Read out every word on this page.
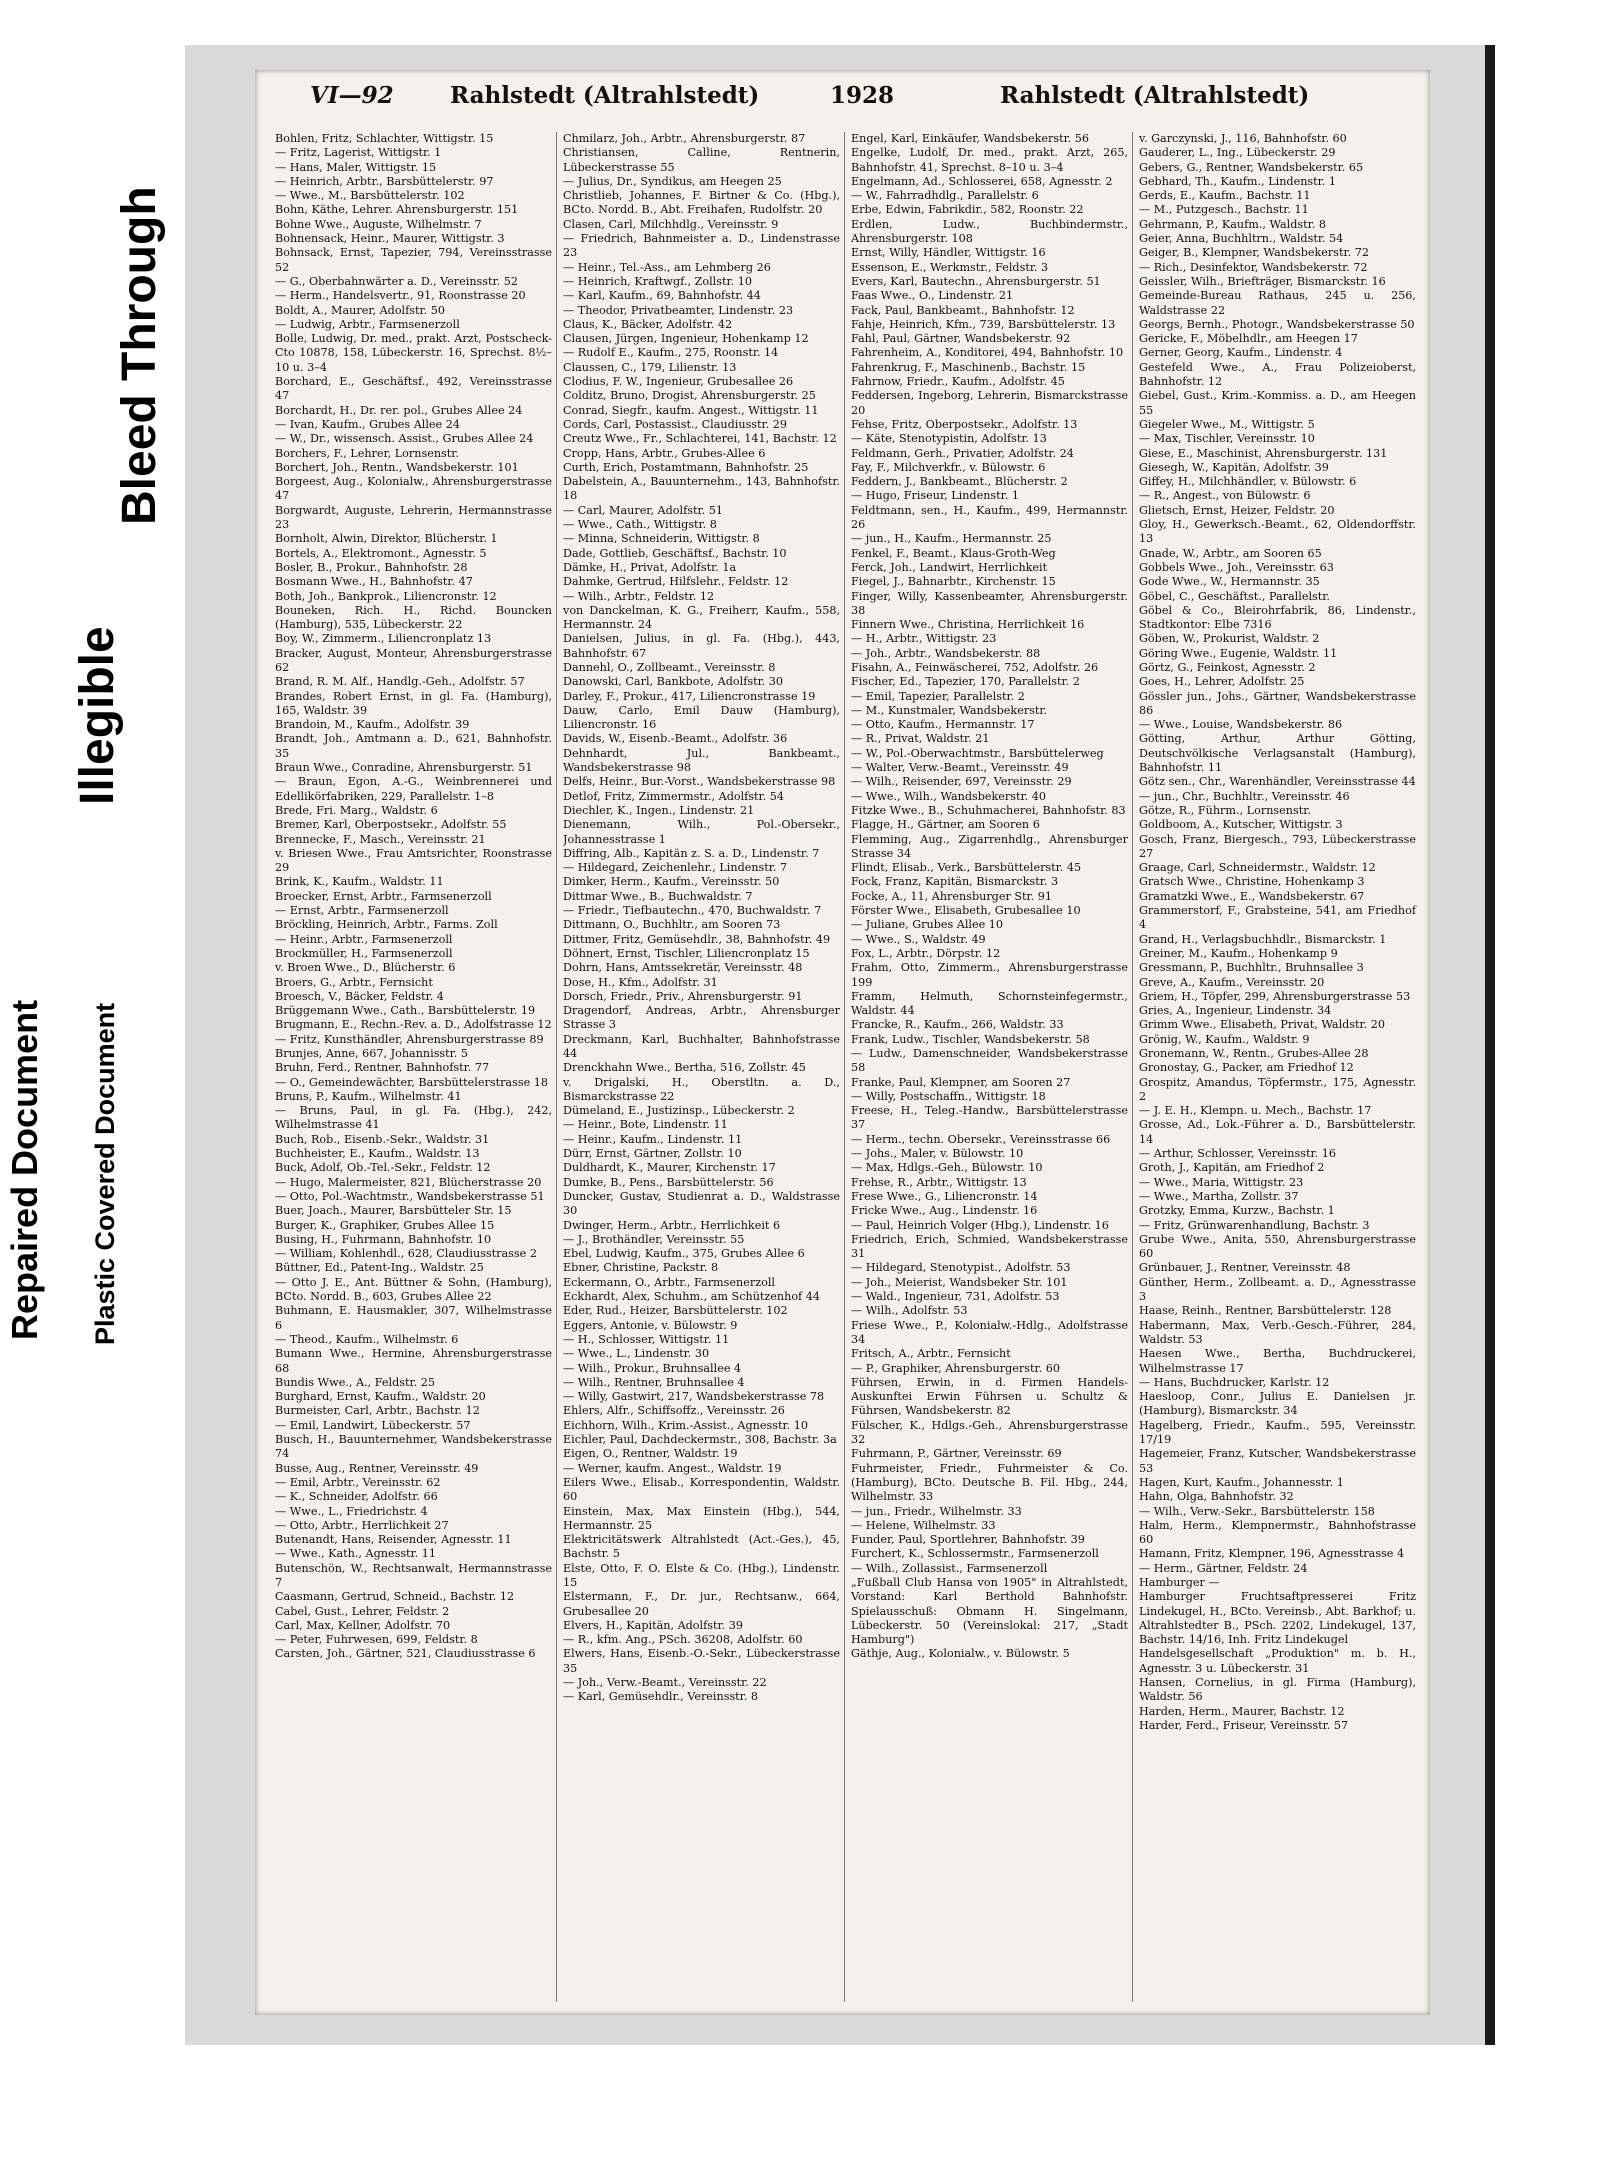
Repaired Document Plastic Covered Document
Illegible
Bleed Through
VI—92 Rahlstedt (Altrahlstedt)	1928	Rahlstedt (Altrahlstedt)

Bohlen, Fritz, Schlachter, Wittigstr. 15

— Fritz, Lagerist, Wittigstr. 1

— Hans, Maler, Wittigstr. 15

— Heinrich, Arbtr., Barsbüttelerstr. 97

— Wwe., M., Barsbüttelerstr. 102

Bohn, Käthe, Lehrer. Ahrensburgerstr. 151

Bohne Wwe., Auguste, Wilhelmstr. 7

Bohnensack, Heinr., Maurer, Wittigstr. 3

Bohnsack, Ernst, Tapezier, 794, Vereinsstrasse 52

— G., Oberbahnwärter a. D., Vereinsstr. 52

— Herm., Handelsvertr., 91, Roonstrasse 20

Boldt, A., Maurer, Adolfstr. 50

— Ludwig, Arbtr., Farmsenerzoll

Bolle, Ludwig, Dr. med., prakt. Arzt, Postscheck-Cto 10878, 158, Lübeckerstr. 16, Sprechst. 8½–10 u. 3–4

Borchard, E., Geschäftsf., 492, Vereinsstrasse 47

Borchardt, H., Dr. rer. pol., Grubes Allee 24

— Ivan, Kaufm., Grubes Allee 24

— W., Dr., wissensch. Assist., Grubes Allee 24

Borchers, F., Lehrer, Lornsenstr.

Borchert, Joh., Rentn., Wandsbekerstr. 101

Borgeest, Aug., Kolonialw., Ahrensburgerstrasse 47

Borgwardt, Auguste, Lehrerin, Hermannstrasse 23

Bornholt, Alwin, Direktor, Blücherstr. 1

Bortels, A., Elektromont., Agnesstr. 5

Bosler, B., Prokur., Bahnhofstr. 28

Bosmann Wwe., H., Bahnhofstr. 47

Both, Joh., Bankprok., Liliencronstr. 12

Bouneken, Rich. H., Richd. Bouncken (Hamburg), 535, Lübeckerstr. 22

Boy, W., Zimmerm., Liliencronplatz 13

Bracker, August, Monteur, Ahrensburgerstrasse 62

Brand, R. M. Alf., Handlg.-Geh., Adolfstr. 57

Brandes, Robert Ernst, in gl. Fa. (Hamburg), 165, Waldstr. 39

Brandoin, M., Kaufm., Adolfstr. 39

Brandt, Joh., Amtmann a. D., 621, Bahnhofstr. 35

Braun Wwe., Conradine, Ahrensburgerstr. 51

— Braun, Egon, A.-G., Weinbrennerei und Edellikörfabriken, 229, Parallelstr. 1–8

Brede, Fri. Marg., Waldstr. 6

Bremer, Karl, Oberpostsekr., Adolfstr. 55

Brennecke, F., Masch., Vereinsstr. 21

v. Briesen Wwe., Frau Amtsrichter, Roonstrasse 29

Brink, K., Kaufm., Waldstr. 11

Broecker, Ernst, Arbtr., Farmsenerzoll

— Ernst, Arbtr., Farmsenerzoll

Bröckling, Heinrich, Arbtr., Farms. Zoll

— Heinr., Arbtr., Farmsenerzoll

Brockmüller, H., Farmsenerzoll

v. Broen Wwe., D., Blücherstr. 6

Broers, G., Arbtr., Fernsicht

Broesch, V., Bäcker, Feldstr. 4

Brüggemann Wwe., Cath., Barsbüttelerstr. 19

Brugmann, E., Rechn.-Rev. a. D., Adolfstrasse 12

— Fritz, Kunsthändler, Ahrensburgerstrasse 89

Brunjes, Anne, 667, Johannisstr. 5

Bruhn, Ferd., Rentner, Bahnhofstr. 77

— O., Gemeindewächter, Barsbüttelerstrasse 18

Bruns, P., Kaufm., Wilhelmstr. 41

— Bruns, Paul, in gl. Fa. (Hbg.), 242, Wilhelmstrasse 41

Buch, Rob., Eisenb.-Sekr., Waldstr. 31

Buchheister, E., Kaufm., Waldstr. 13

Buck, Adolf, Ob.-Tel.-Sekr., Feldstr. 12

— Hugo, Malermeister, 821, Blücherstrasse 20

— Otto, Pol.-Wachtmstr., Wandsbekerstrasse 51

Buer, Joach., Maurer, Barsbütteler Str. 15

Burger, K., Graphiker, Grubes Allee 15

Busing, H., Fuhrmann, Bahnhofstr. 10

— William, Kohlenhdl., 628, Claudiusstrasse 2

Büttner, Ed., Patent-Ing., Waldstr. 25

— Otto J. E., Ant. Büttner & Sohn, (Hamburg), BCto. Nordd. B., 603, Grubes Allee 22

Buhmann, E. Hausmakler, 307, Wilhelmstrasse 6

— Theod., Kaufm., Wilhelmstr. 6

Bumann Wwe., Hermine, Ahrensburgerstrasse 68

Bundis Wwe., A., Feldstr. 25

Burghard, Ernst, Kaufm., Waldstr. 20

Burmeister, Carl, Arbtr., Bachstr. 12

— Emil, Landwirt, Lübeckerstr. 57

Busch, H., Bauunternehmer, Wandsbekerstrasse 74

Busse, Aug., Rentner, Vereinsstr. 49

— Emil, Arbtr., Vereinsstr. 62

— K., Schneider, Adolfstr. 66

— Wwe., L., Friedrichstr. 4

— Otto, Arbtr., Herrlichkeit 27

Butenandt, Hans, Reisender, Agnesstr. 11

— Wwe., Kath., Agnesstr. 11

Butenschön, W., Rechtsanwalt, Hermannstrasse 7

Caasmann, Gertrud, Schneid., Bachstr. 12

Cabel, Gust., Lehrer, Feldstr. 2

Carl, Max, Kellner, Adolfstr. 70

— Peter, Fuhrwesen, 699, Feldstr. 8

Carsten, Joh., Gärtner, 521, Claudiusstrasse 6

Chmilarz, Joh., Arbtr., Ahrensburgerstr. 87

Christiansen, Calline, Rentnerin, Lübeckerstrasse 55

— Julius, Dr., Syndikus, am Heegen 25

Christlieb, Johannes, F. Birtner & Co. (Hbg.), BCto. Nordd. B., Abt. Freihafen, Rudolfstr. 20

Clasen, Carl, Milchhdlg., Vereinsstr. 9

— Friedrich, Bahnmeister a. D., Lindenstrasse 23

— Heinr., Tel.-Ass., am Lehmberg 26

— Heinrich, Kraftwgf., Zollstr. 10

— Karl, Kaufm., 69, Bahnhofstr. 44

— Theodor, Privatbeamter, Lindenstr. 23

Claus, K., Bäcker, Adolfstr. 42

Clausen, Jürgen, Ingenieur, Hohenkamp 12

— Rudolf E., Kaufm., 275, Roonstr. 14

Claussen, C., 179, Lilienstr. 13

Clodius, F. W., Ingenieur, Grubesallee 26

Colditz, Bruno, Drogist, Ahrensburgerstr. 25

Conrad, Siegfr., kaufm. Angest., Wittigstr. 11

Cords, Carl, Postassist., Claudiusstr. 29

Creutz Wwe., Fr., Schlachterei, 141, Bachstr. 12

Cropp, Hans, Arbtr., Grubes-Allee 6

Curth, Erich, Postamtmann, Bahnhofstr. 25

Dabelstein, A., Bauunternehm., 143, Bahnhofstr. 18

— Carl, Maurer, Adolfstr. 51

— Wwe., Cath., Wittigstr. 8

— Minna, Schneiderin, Wittigstr. 8

Dade, Gottlieb, Geschäftsf., Bachstr. 10

Dämke, H., Privat, Adolfstr. 1a

Dahmke, Gertrud, Hilfslehr., Feldstr. 12

— Wilh., Arbtr., Feldstr. 12

von Danckelman, K. G., Freiherr, Kaufm., 558, Hermannstr. 24

Danielsen, Julius, in gl. Fa. (Hbg.), 443, Bahnhofstr. 67

Dannehl, O., Zollbeamt., Vereinsstr. 8

Danowski, Carl, Bankbote, Adolfstr. 30

Darley, F., Prokur., 417, Liliencronstrasse 19

Dauw, Carlo, Emil Dauw (Hamburg), Liliencronstr. 16

Davids, W., Eisenb.-Beamt., Adolfstr. 36

Dehnhardt, Jul., Bankbeamt., Wandsbekerstrasse 98

Delfs, Heinr., Bur.-Vorst., Wandsbekerstrasse 98

Detlof, Fritz, Zimmermstr., Adolfstr. 54

Diechler, K., Ingen., Lindenstr. 21

Dienemann, Wilh., Pol.-Obersekr., Johannesstrasse 1

Diffring, Alb., Kapitän z. S. a. D., Lindenstr. 7

— Hildegard, Zeichenlehr., Lindenstr. 7

Dimker, Herm., Kaufm., Vereinsstr. 50

Dittmar Wwe., B., Buchwaldstr. 7

— Friedr., Tiefbautechn., 470, Buchwaldstr. 7

Dittmann, O., Buchhltr., am Sooren 73

Dittmer, Fritz, Gemüsehdlr., 38, Bahnhofstr. 49

Döhnert, Ernst, Tischler, Liliencronplatz 15

Dohrn, Hans, Amtssekretär, Vereinsstr. 48

Dose, H., Kfm., Adolfstr. 31

Dorsch, Friedr., Priv., Ahrensburgerstr. 91

Dragendorf, Andreas, Arbtr., Ahrensburger Strasse 3

Dreckmann, Karl, Buchhalter, Bahnhofstrasse 44

Drenckhahn Wwe., Bertha, 516, Zollstr. 45

v. Drigalski, H., Oberstltn. a. D., Bismarckstrasse 22

Dümeland, E., Justizinsp., Lübeckerstr. 2

— Heinr., Bote, Lindenstr. 11

— Heinr., Kaufm., Lindenstr. 11

Dürr, Ernst, Gärtner, Zollstr. 10

Duldhardt, K., Maurer, Kirchenstr. 17

Dumke, B., Pens., Barsbüttelerstr. 56

Duncker, Gustav, Studienrat a. D., Waldstrasse 30

Dwinger, Herm., Arbtr., Herrlichkeit 6

— J., Brothändler, Vereinsstr. 55

Ebel, Ludwig, Kaufm., 375, Grubes Allee 6

Ebner, Christine, Packstr. 8

Eckermann, O., Arbtr., Farmsenerzoll

Eckhardt, Alex, Schuhm., am Schützenhof 44

Eder, Rud., Heizer, Barsbüttelerstr. 102

Eggers, Antonie, v. Bülowstr. 9

— H., Schlosser, Wittigstr. 11

— Wwe., L., Lindenstr. 30

— Wilh., Prokur., Bruhnsallee 4

— Wilh., Rentner, Bruhnsallee 4

— Willy, Gastwirt, 217, Wandsbekerstrasse 78

Ehlers, Alfr., Schiffsoffz., Vereinsstr. 26

Eichhorn, Wilh., Krim.-Assist., Agnesstr. 10

Eichler, Paul, Dachdeckermstr., 308, Bachstr. 3a

Eigen, O., Rentner, Waldstr. 19

— Werner, kaufm. Angest., Waldstr. 19

Eilers Wwe., Elisab., Korrespondentin, Waldstr. 60

Einstein, Max, Max Einstein (Hbg.), 544, Hermannstr. 25

Elektricitätswerk Altrahlstedt (Act.-Ges.), 45, Bachstr. 5

Elste, Otto, F. O. Elste & Co. (Hbg.), Lindenstr. 15

Elstermann, F., Dr. jur., Rechtsanw., 664, Grubesallee 20

Elvers, H., Kapitän, Adolfstr. 39

— R., kfm. Ang., PSch. 36208, Adolfstr. 60

Elwers, Hans, Eisenb.-O.-Sekr., Lübeckerstrasse 35

— Joh., Verw.-Beamt., Vereinsstr. 22

— Karl, Gemüsehdlr., Vereinsstr. 8

Engel, Karl, Einkäufer, Wandsbekerstr. 56

Engelke, Ludolf, Dr. med., prakt. Arzt, 265, Bahnhofstr. 41, Sprechst. 8–10 u. 3–4

Engelmann, Ad., Schlosserei, 658, Agnesstr. 2

— W., Fahrradhdlg., Parallelstr. 6

Erbe, Edwin, Fabrikdir., 582, Roonstr. 22

Erdlen, Ludw., Buchbindermstr., Ahrensburgerstr. 108

Ernst, Willy, Händler, Wittigstr. 16

Essenson, E., Werkmstr., Feldstr. 3

Evers, Karl, Bautechn., Ahrensburgerstr. 51

Faas Wwe., O., Lindenstr. 21

Fack, Paul, Bankbeamt., Bahnhofstr. 12

Fahje, Heinrich, Kfm., 739, Barsbüttelerstr. 13

Fahl, Paul, Gärtner, Wandsbekerstr. 92

Fahrenheim, A., Konditorei, 494, Bahnhofstr. 10

Fahrenkrug, F., Maschinenb., Bachstr. 15

Fahrnow, Friedr., Kaufm., Adolfstr. 45

Feddersen, Ingeborg, Lehrerin, Bismarckstrasse 20

Fehse, Fritz, Oberpostsekr., Adolfstr. 13

— Käte, Stenotypistin, Adolfstr. 13

Feldmann, Gerh., Privatier, Adolfstr. 24

Fay, F., Milchverkfr., v. Bülowstr. 6

Feddern, J., Bankbeamt., Blücherstr. 2

— Hugo, Friseur, Lindenstr. 1

Feldtmann, sen., H., Kaufm., 499, Hermannstr. 26

— jun., H., Kaufm., Hermannstr. 25

Fenkel, F., Beamt., Klaus-Groth-Weg

Ferck, Joh., Landwirt, Herrlichkeit

Fiegel, J., Bahnarbtr., Kirchenstr. 15

Finger, Willy, Kassenbeamter, Ahrensburgerstr. 38

Finnern Wwe., Christina, Herrlichkeit 16

— H., Arbtr., Wittigstr. 23

— Joh., Arbtr., Wandsbekerstr. 88

Fisahn, A., Feinwäscherei, 752, Adolfstr. 26

Fischer, Ed., Tapezier, 170, Parallelstr. 2

— Emil, Tapezier, Parallelstr. 2

— M., Kunstmaler, Wandsbekerstr.

— Otto, Kaufm., Hermannstr. 17

— R., Privat, Waldstr. 21

— W., Pol.-Oberwachtmstr., Barsbüttelerweg

— Walter, Verw.-Beamt., Vereinsstr. 49

— Wilh., Reisender, 697, Vereinsstr. 29

— Wwe., Wilh., Wandsbekerstr. 40

Fitzke Wwe., B., Schuhmacherei, Bahnhofstr. 83

Flagge, H., Gärtner, am Sooren 6

Flemming, Aug., Zigarrenhdlg., Ahrensburger Strasse 34

Flindt, Elisab., Verk., Barsbüttelerstr. 45

Fock, Franz, Kapitän, Bismarckstr. 3

Focke, A., 11, Ahrensburger Str. 91

Förster Wwe., Elisabeth, Grubesallee 10

— Juliane, Grubes Allee 10

— Wwe., S., Waldstr. 49

Fox, L., Arbtr., Dörpstr. 12

Frahm, Otto, Zimmerm., Ahrensburgerstrasse 199

Framm, Helmuth, Schornsteinfegermstr., Waldstr. 44

Francke, R., Kaufm., 266, Waldstr. 33

Frank, Ludw., Tischler, Wandsbekerstr. 58

— Ludw., Damenschneider, Wandsbekerstrasse 58

Franke, Paul, Klempner, am Sooren 27

— Willy, Postschaffn., Wittigstr. 18

Freese, H., Teleg.-Handw., Barsbüttelerstrasse 37

— Herm., techn. Obersekr., Vereinsstrasse 66

— Johs., Maler, v. Bülowstr. 10

— Max, Hdlgs.-Geh., Bülowstr. 10

Frehse, R., Arbtr., Wittigstr. 13

Frese Wwe., G., Liliencronstr. 14

Fricke Wwe., Aug., Lindenstr. 16

— Paul, Heinrich Volger (Hbg.), Lindenstr. 16

Friedrich, Erich, Schmied, Wandsbekerstrasse 31

— Hildegard, Stenotypist., Adolfstr. 53

— Joh., Meierist, Wandsbeker Str. 101

— Wald., Ingenieur, 731, Adolfstr. 53

— Wilh., Adolfstr. 53

Friese Wwe., P., Kolonialw.-Hdlg., Adolfstrasse 34

Fritsch, A., Arbtr., Fernsicht

— P., Graphiker, Ahrensburgerstr. 60

Führsen, Erwin, in d. Firmen Handels-Auskunftei Erwin Führsen u. Schultz & Führsen, Wandsbekerstr. 82

Fülscher, K., Hdlgs.-Geh., Ahrensburgerstrasse 32

Fuhrmann, P., Gärtner, Vereinsstr. 69

Fuhrmeister, Friedr., Fuhrmeister & Co. (Hamburg), BCto. Deutsche B. Fil. Hbg., 244, Wilhelmstr. 33

— jun., Friedr., Wilhelmstr. 33

— Helene, Wilhelmstr. 33

Funder, Paul, Sportlehrer, Bahnhofstr. 39

Furchert, K., Schlossermstr., Farmsenerzoll

— Wilh., Zollassist., Farmsenerzoll

„Fußball Club Hansa von 1905" in Altrahlstedt, Vorstand: Karl Berthold Bahnhofstr. Spielausschuß: Obmann H. Singelmann, Lübeckerstr. 50 (Vereinslokal: 217, „Stadt Hamburg")

Gäthje, Aug., Kolonialw., v. Bülowstr. 5

v. Garczynski, J., 116, Bahnhofstr. 60

Gauderer, L., Ing., Lübeckerstr. 29

Gebers, G., Rentner, Wandsbekerstr. 65

Gebhard, Th., Kaufm., Lindenstr. 1

Gerds, E., Kaufm., Bachstr. 11

— M., Putzgesch., Bachstr. 11

Gehrmann, P., Kaufm., Waldstr. 8

Geier, Anna, Buchhltrn., Waldstr. 54

Geiger, B., Klempner, Wandsbekerstr. 72

— Rich., Desinfektor, Wandsbekerstr. 72

Geissler, Wilh., Briefträger, Bismarckstr. 16

Gemeinde-Bureau Rathaus, 245 u. 256, Waldstrasse 22

Georgs, Bernh., Photogr., Wandsbekerstrasse 50

Gericke, F., Möbelhdlr., am Heegen 17

Gerner, Georg, Kaufm., Lindenstr. 4

Gestefeld Wwe., A., Frau Polizeioberst, Bahnhofstr. 12

Giebel, Gust., Krim.-Kommiss. a. D., am Heegen 55

Giegeler Wwe., M., Wittigstr. 5

— Max, Tischler, Vereinsstr. 10

Giese, E., Maschinist, Ahrensburgerstr. 131

Giesegh, W., Kapitän, Adolfstr. 39

Giffey, H., Milchhändler, v. Bülowstr. 6

— R., Angest., von Bülowstr. 6

Glietsch, Ernst, Heizer, Feldstr. 20

Gloy, H., Gewerksch.-Beamt., 62, Oldendorffstr. 13

Gnade, W., Arbtr., am Sooren 65

Gobbels Wwe., Joh., Vereinsstr. 63

Gode Wwe., W., Hermannstr. 35

Göbel, C., Geschäftst., Parallelstr.

Göbel & Co., Bleirohrfabrik, 86, Lindenstr., Stadtkontor: Elbe 7316

Göben, W., Prokurist, Waldstr. 2

Göring Wwe., Eugenie, Waldstr. 11

Görtz, G., Feinkost, Agnesstr. 2

Goes, H., Lehrer, Adolfstr. 25

Gössler jun., Johs., Gärtner, Wandsbekerstrasse 86

— Wwe., Louise, Wandsbekerstr. 86

Götting, Arthur, Arthur Götting, Deutschvölkische Verlagsanstalt (Hamburg), Bahnhofstr. 11

Götz sen., Chr., Warenhändler, Vereinsstrasse 44

— jun., Chr., Buchhltr., Vereinsstr. 46

Götze, R., Führm., Lornsenstr.

Goldboom, A., Kutscher, Wittigstr. 3

Gosch, Franz, Biergesch., 793, Lübeckerstrasse 27

Graage, Carl, Schneidermstr., Waldstr. 12

Gratsch Wwe., Christine, Hohenkamp 3

Gramatzki Wwe., E., Wandsbekerstr. 67

Grammerstorf, F., Grabsteine, 541, am Friedhof 4

Grand, H., Verlagsbuchhdlr., Bismarckstr. 1

Greiner, M., Kaufm., Hohenkamp 9

Gressmann, P., Buchhltr., Bruhnsallee 3

Greve, A., Kaufm., Vereinsstr. 20

Griem, H., Töpfer, 299, Ahrensburgerstrasse 53

Gries, A., Ingenieur, Lindenstr. 34

Grimm Wwe., Elisabeth, Privat, Waldstr. 20

Grönig, W., Kaufm., Waldstr. 9

Gronemann, W., Rentn., Grubes-Allee 28

Gronostay, G., Packer, am Friedhof 12

Grospitz, Amandus, Töpfermstr., 175, Agnesstr. 2

— J. E. H., Klempn. u. Mech., Bachstr. 17

Grosse, Ad., Lok.-Führer a. D., Barsbüttelerstr. 14

— Arthur, Schlosser, Vereinsstr. 16

Groth, J., Kapitän, am Friedhof 2

— Wwe., Maria, Wittigstr. 23

— Wwe., Martha, Zollstr. 37

Grotzky, Emma, Kurzw., Bachstr. 1

— Fritz, Grünwarenhandlung, Bachstr. 3

Grube Wwe., Anita, 550, Ahrensburgerstrasse 60

Grünbauer, J., Rentner, Vereinsstr. 48

Günther, Herm., Zollbeamt. a. D., Agnesstrasse 3

Haase, Reinh., Rentner, Barsbüttelerstr. 128

Habermann, Max, Verb.-Gesch.-Führer, 284, Waldstr. 53

Haesen Wwe., Bertha, Buchdruckerei, Wilhelmstrasse 17

— Hans, Buchdrucker, Karlstr. 12

Haesloop, Conr., Julius E. Danielsen jr. (Hamburg), Bismarckstr. 34

Hagelberg, Friedr., Kaufm., 595, Vereinsstr. 17/19

Hagemeier, Franz, Kutscher, Wandsbekerstrasse 53

Hagen, Kurt, Kaufm., Johannesstr. 1

Hahn, Olga, Bahnhofstr. 32

— Wilh., Verw.-Sekr., Barsbüttelerstr. 158

Halm, Herm., Klempnermstr., Bahnhofstrasse 60

Hamann, Fritz, Klempner, 196, Agnesstrasse 4

— Herm., Gärtner, Feldstr. 24

Hamburger —

Hamburger Fruchtsaftpresserei Fritz Lindekugel, H., BCto. Vereinsb., Abt. Barkhof; u. Altrahlstedter B., PSch. 2202, Lindekugel, 137, Bachstr. 14/16, Inh. Fritz Lindekugel

Handelsgesellschaft „Produktion" m. b. H., Agnesstr. 3 u. Lübeckerstr. 31

Hansen, Cornelius, in gl. Firma (Hamburg), Waldstr. 56

Harden, Herm., Maurer, Bachstr. 12

Harder, Ferd., Friseur, Vereinsstr. 57
